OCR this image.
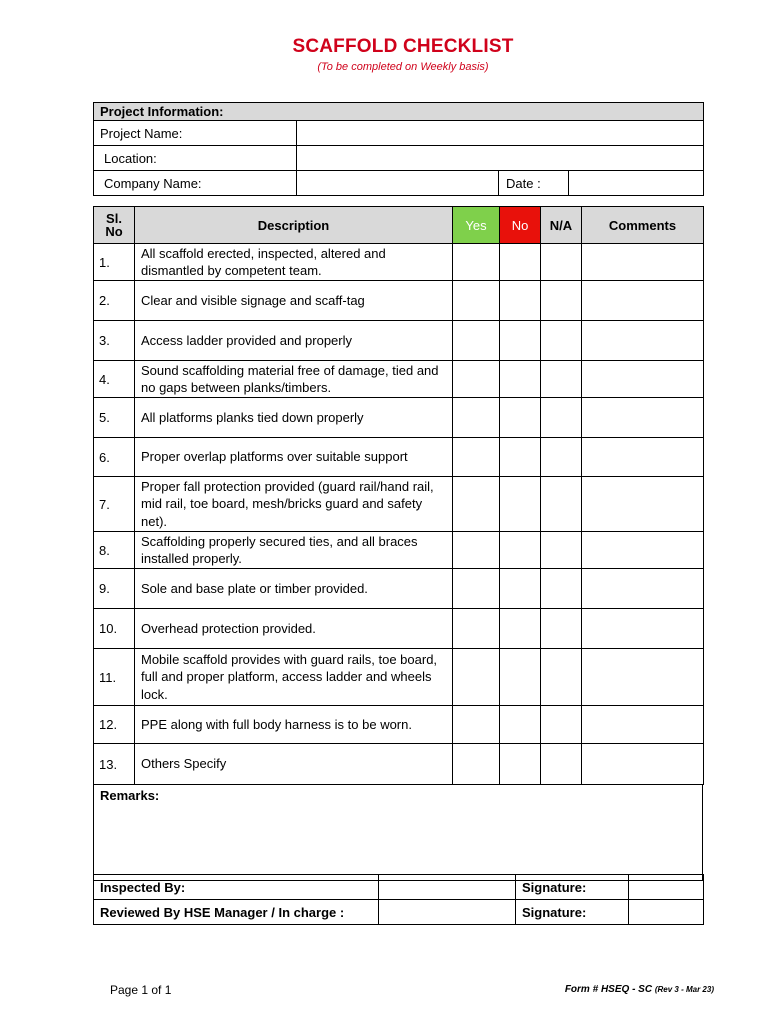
SCAFFOLD CHECKLIST
(To be completed on Weekly basis)
Project Information:			
Project Name:			
Location:			
Company Name:		Date :	
Sl.
No	Description	Yes	No	N/A	Comments
1.	All scaffold erected, inspected, altered and dismantled by competent team.				
2.	Clear and visible signage and scaff-tag				
3.	Access ladder provided and properly				
4.	Sound scaffolding material free of damage, tied and no gaps between planks/timbers.				
5.	All platforms planks tied down properly				
6.	Proper overlap platforms over suitable support				
7.	Proper fall protection provided (guard rail/hand rail, mid rail, toe board, mesh/bricks guard and safety net).				
8.	Scaffolding properly secured ties, and all braces installed properly.				
9.	Sole and base plate or timber provided.				
10.	Overhead protection provided.				
11.	Mobile scaffold provides with guard rails, toe board, full and proper platform, access ladder and wheels lock.				
12.	PPE along with full body harness is to be worn.				
13.	Others Specify				
Remarks:
Inspected By:		Signature:	
Reviewed By HSE Manager / In charge :		Signature:	
Page 1 of 1	Form # HSEQ - SC (Rev 3 - Mar 23)
